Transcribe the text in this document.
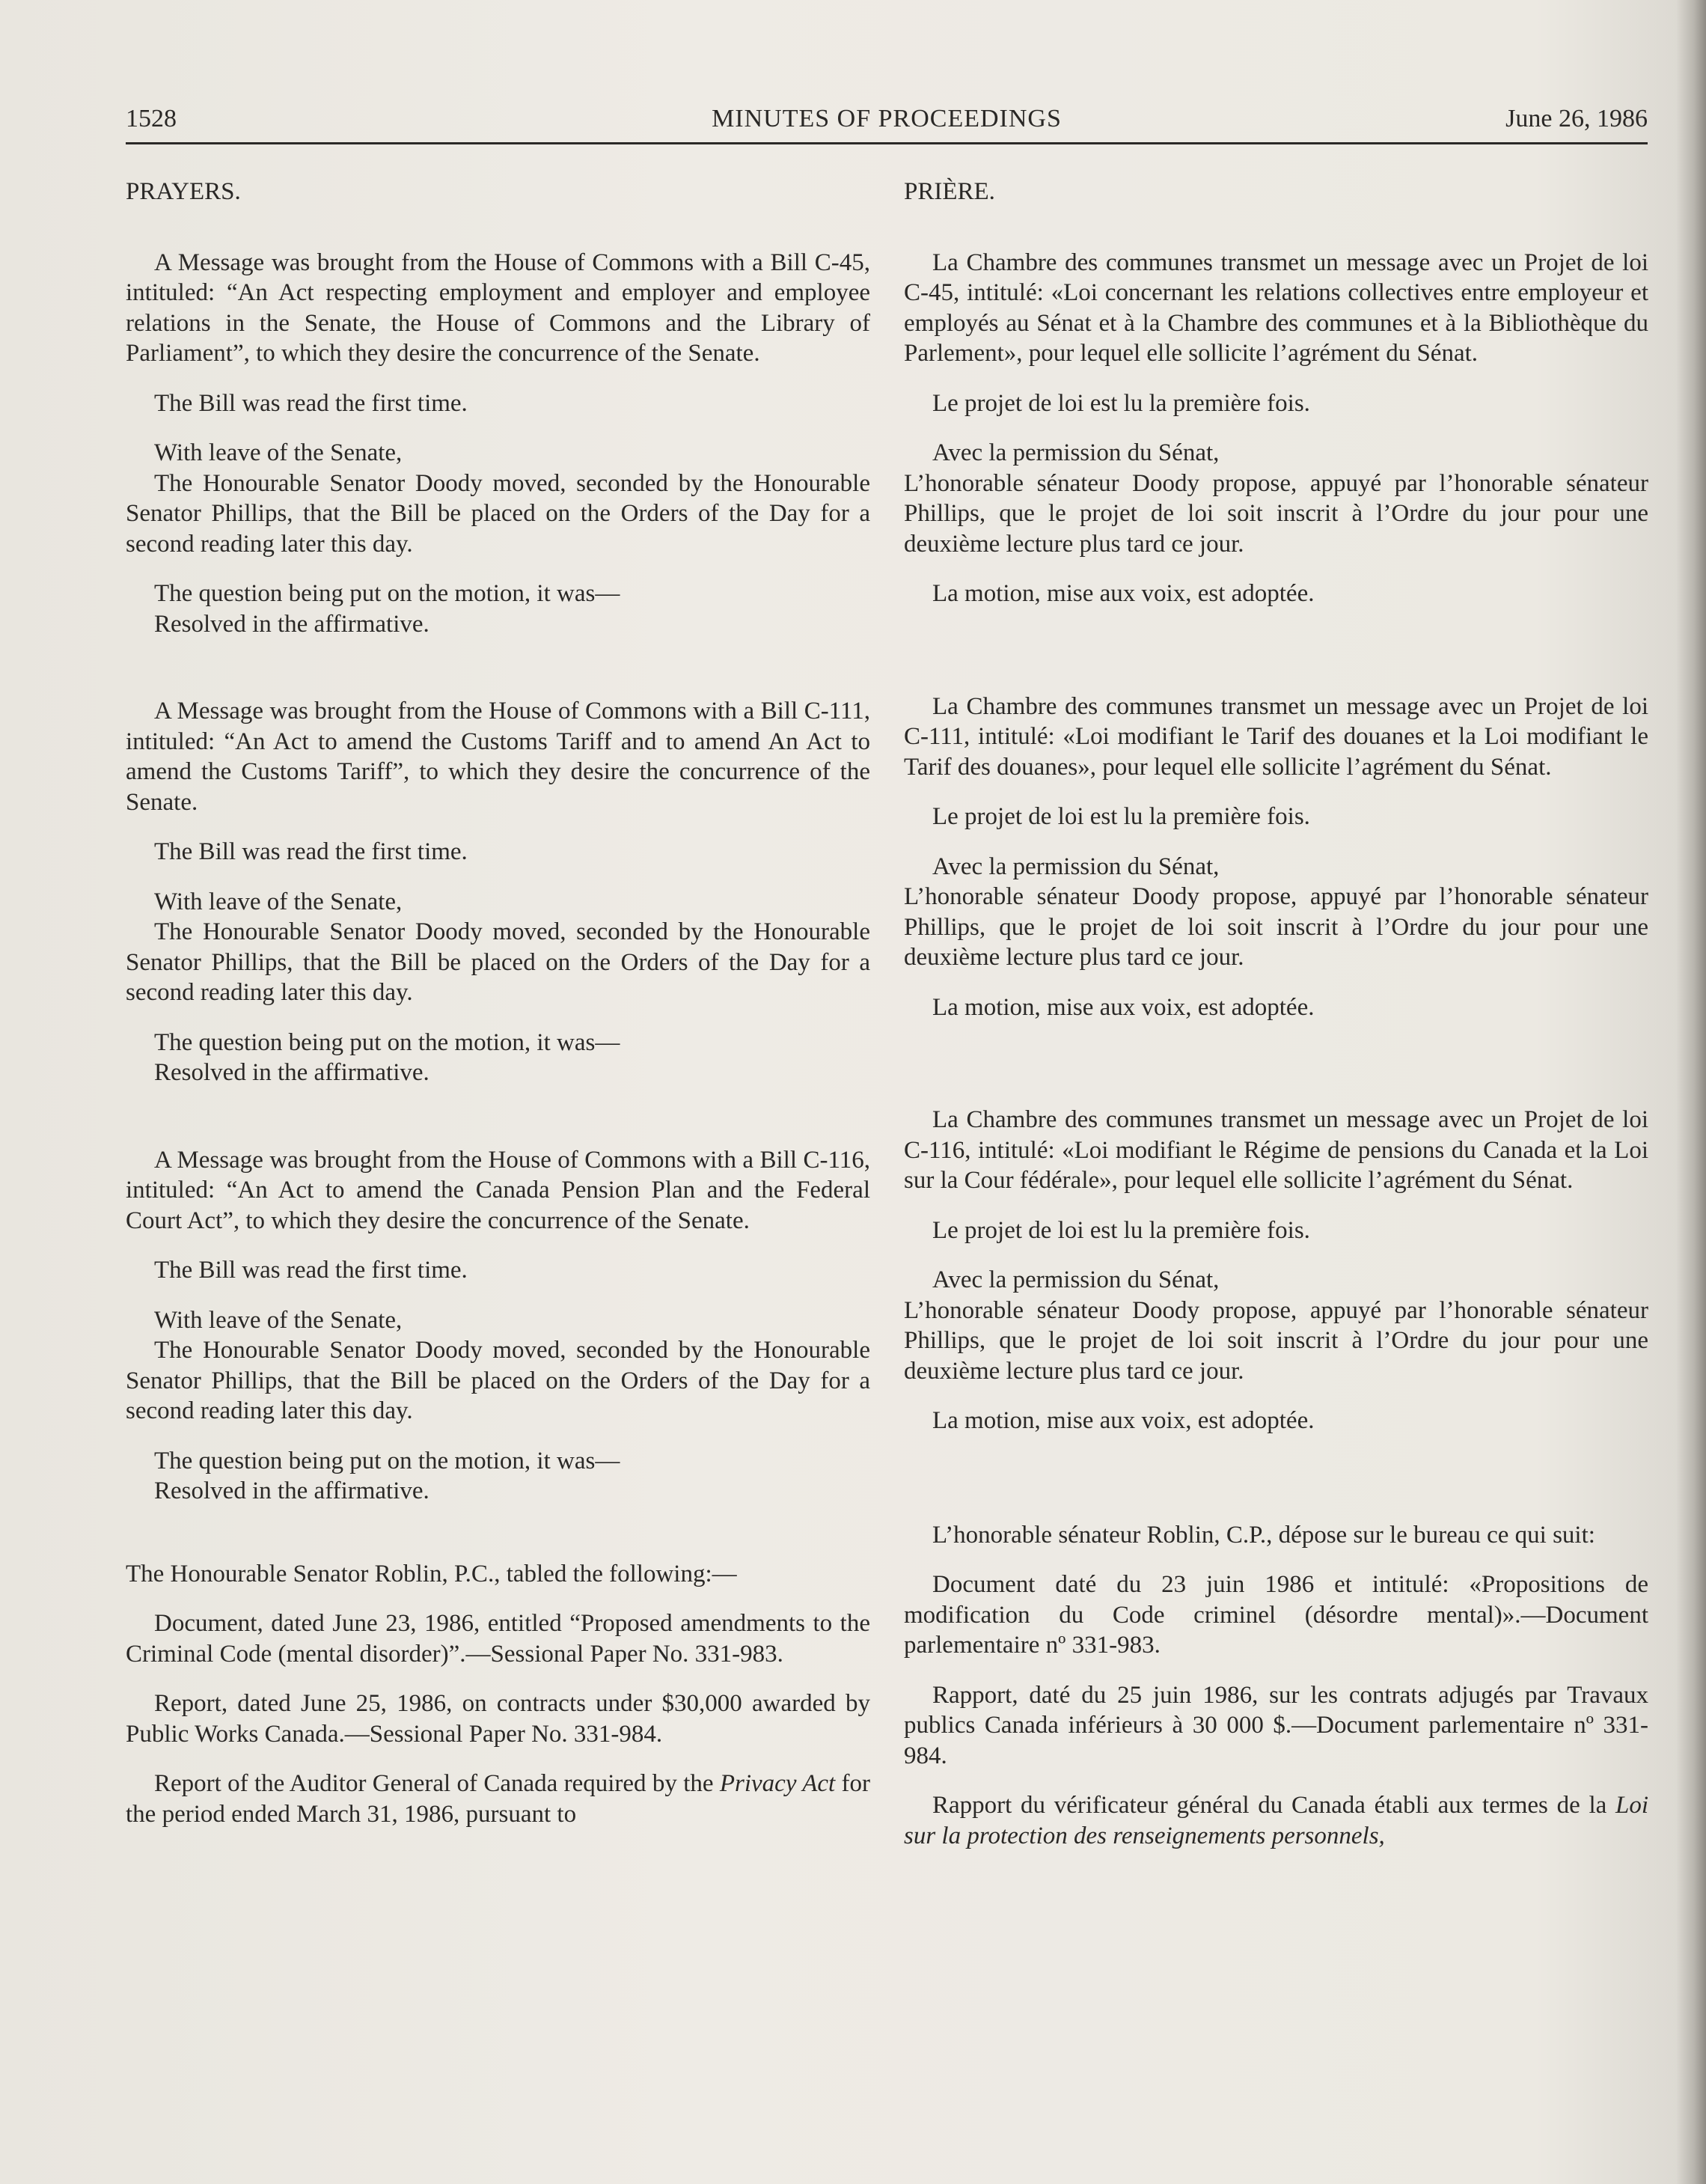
1528	MINUTES OF PROCEEDINGS	June 26, 1986

PRAYERS.

A Message was brought from the House of Commons with a Bill C-45, intituled: “An Act respecting employment and employer and employee relations in the Senate, the House of Commons and the Library of Parliament”, to which they desire the concurrence of the Senate.

The Bill was read the first time.

With leave of the Senate,

The Honourable Senator Doody moved, seconded by the Honourable Senator Phillips, that the Bill be placed on the Orders of the Day for a second reading later this day.

The question being put on the motion, it was—

Resolved in the affirmative.

A Message was brought from the House of Commons with a Bill C-111, intituled: “An Act to amend the Customs Tariff and to amend An Act to amend the Customs Tariff”, to which they desire the concurrence of the Senate.

The Bill was read the first time.

With leave of the Senate,

The Honourable Senator Doody moved, seconded by the Honourable Senator Phillips, that the Bill be placed on the Orders of the Day for a second reading later this day.

The question being put on the motion, it was—

Resolved in the affirmative.

A Message was brought from the House of Commons with a Bill C-116, intituled: “An Act to amend the Canada Pension Plan and the Federal Court Act”, to which they desire the concurrence of the Senate.

The Bill was read the first time.

With leave of the Senate,

The Honourable Senator Doody moved, seconded by the Honourable Senator Phillips, that the Bill be placed on the Orders of the Day for a second reading later this day.

The question being put on the motion, it was—

Resolved in the affirmative.

The Honourable Senator Roblin, P.C., tabled the following:—

Document, dated June 23, 1986, entitled “Proposed amendments to the Criminal Code (mental disorder)”.—Sessional Paper No. 331-983.

Report, dated June 25, 1986, on contracts under $30,000 awarded by Public Works Canada.—Sessional Paper No. 331-984.

Report of the Auditor General of Canada required by the Privacy Act for the period ended March 31, 1986, pursuant to

PRIÈRE.

La Chambre des communes transmet un message avec un Projet de loi C-45, intitulé: «Loi concernant les relations collectives entre employeur et employés au Sénat et à la Chambre des communes et à la Bibliothèque du Parlement», pour lequel elle sollicite l’agrément du Sénat.

Le projet de loi est lu la première fois.

Avec la permission du Sénat,

L’honorable sénateur Doody propose, appuyé par l’honorable sénateur Phillips, que le projet de loi soit inscrit à l’Ordre du jour pour une deuxième lecture plus tard ce jour.

La motion, mise aux voix, est adoptée.

La Chambre des communes transmet un message avec un Projet de loi C-111, intitulé: «Loi modifiant le Tarif des douanes et la Loi modifiant le Tarif des douanes», pour lequel elle sollicite l’agrément du Sénat.

Le projet de loi est lu la première fois.

Avec la permission du Sénat,

L’honorable sénateur Doody propose, appuyé par l’honorable sénateur Phillips, que le projet de loi soit inscrit à l’Ordre du jour pour une deuxième lecture plus tard ce jour.

La motion, mise aux voix, est adoptée.

La Chambre des communes transmet un message avec un Projet de loi C-116, intitulé: «Loi modifiant le Régime de pensions du Canada et la Loi sur la Cour fédérale», pour lequel elle sollicite l’agrément du Sénat.

Le projet de loi est lu la première fois.

Avec la permission du Sénat,

L’honorable sénateur Doody propose, appuyé par l’honorable sénateur Phillips, que le projet de loi soit inscrit à l’Ordre du jour pour une deuxième lecture plus tard ce jour.

La motion, mise aux voix, est adoptée.

L’honorable sénateur Roblin, C.P., dépose sur le bureau ce qui suit:

Document daté du 23 juin 1986 et intitulé: «Propositions de modification du Code criminel (désordre mental)».—Document parlementaire nº 331-983.

Rapport, daté du 25 juin 1986, sur les contrats adjugés par Travaux publics Canada inférieurs à 30 000 $.—Document parlementaire nº 331-984.

Rapport du vérificateur général du Canada établi aux termes de la Loi sur la protection des renseignements personnels,
